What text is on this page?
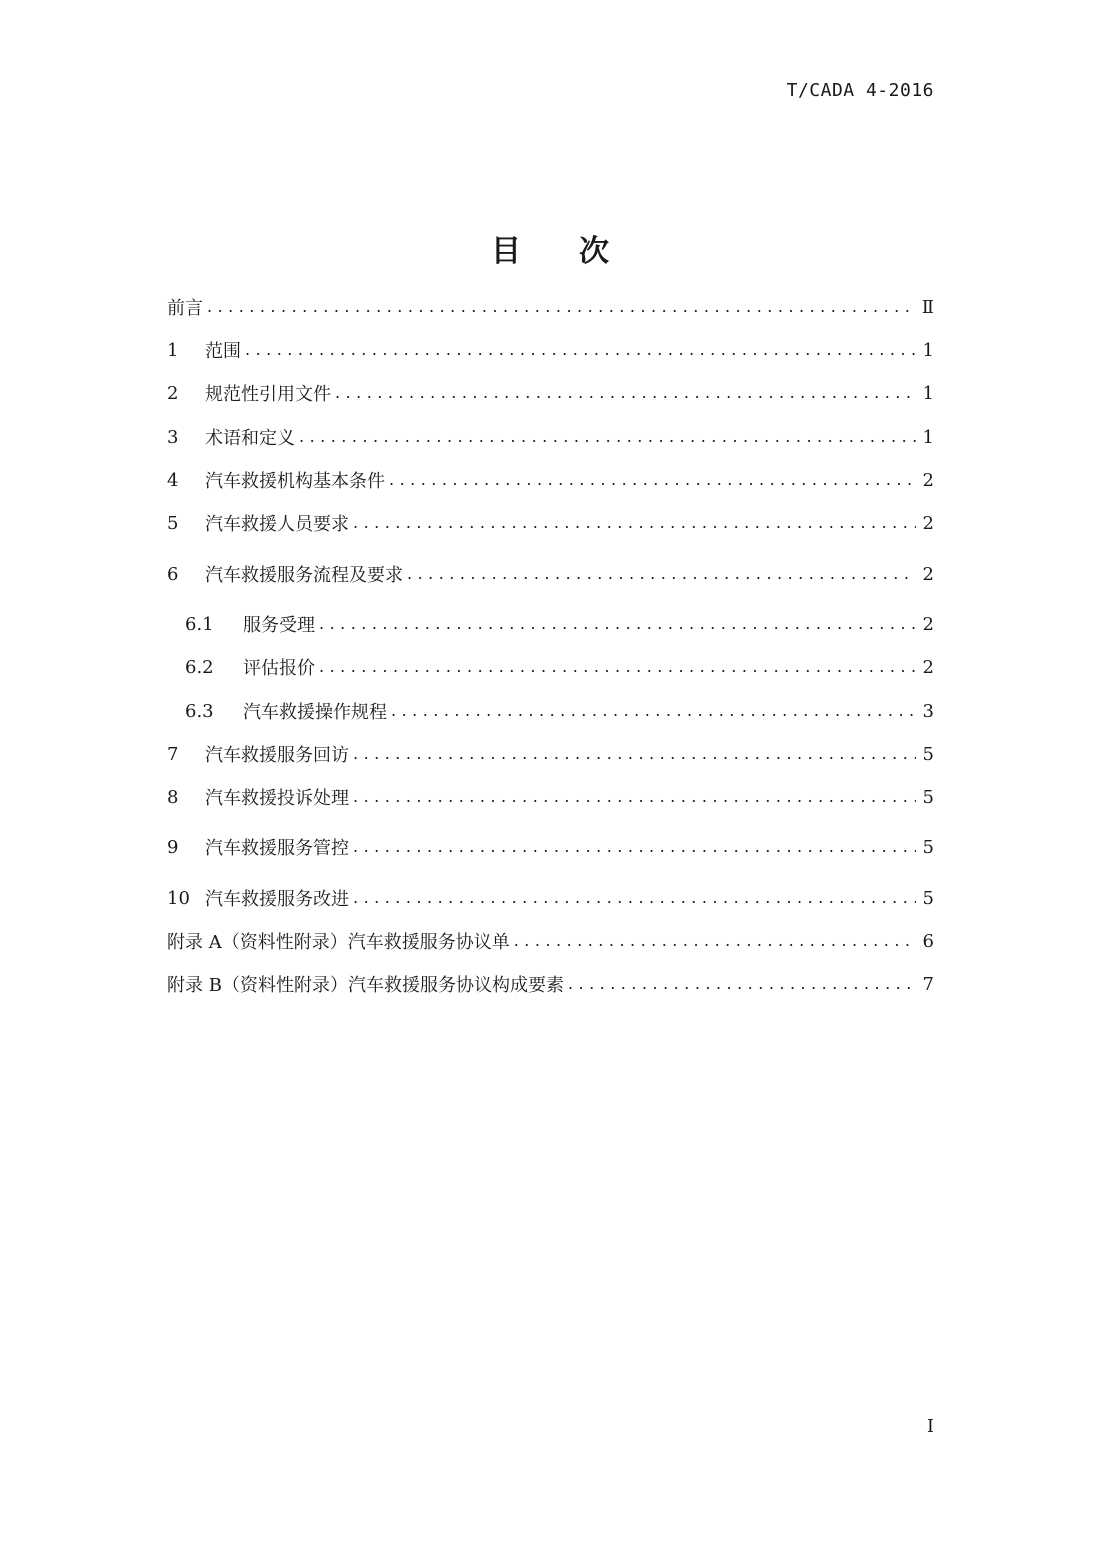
T/CADA 4-2016
目 次
前言 . . .	Ⅱ
1	范围 . . .	1
2	规范性引用文件 . . .	1
3	术语和定义 . . .	1
4	汽车救援机构基本条件 . . .	2
5	汽车救援人员要求 . . .	2
6	汽车救援服务流程及要求 . . .	2
6.1	服务受理 . . .	2
6.2	评估报价 . . .	2
6.3	汽车救援操作规程 . . .	3
7	汽车救援服务回访 . . .	5
8	汽车救援投诉处理 . . .	5
9	汽车救援服务管控 . . .	5
10 汽车救援服务改进 . . .	5
附录 A（资料性附录）汽车救援服务协议单 . . .	6
附录 B（资料性附录）汽车救援服务协议构成要素 . . .	7
I
